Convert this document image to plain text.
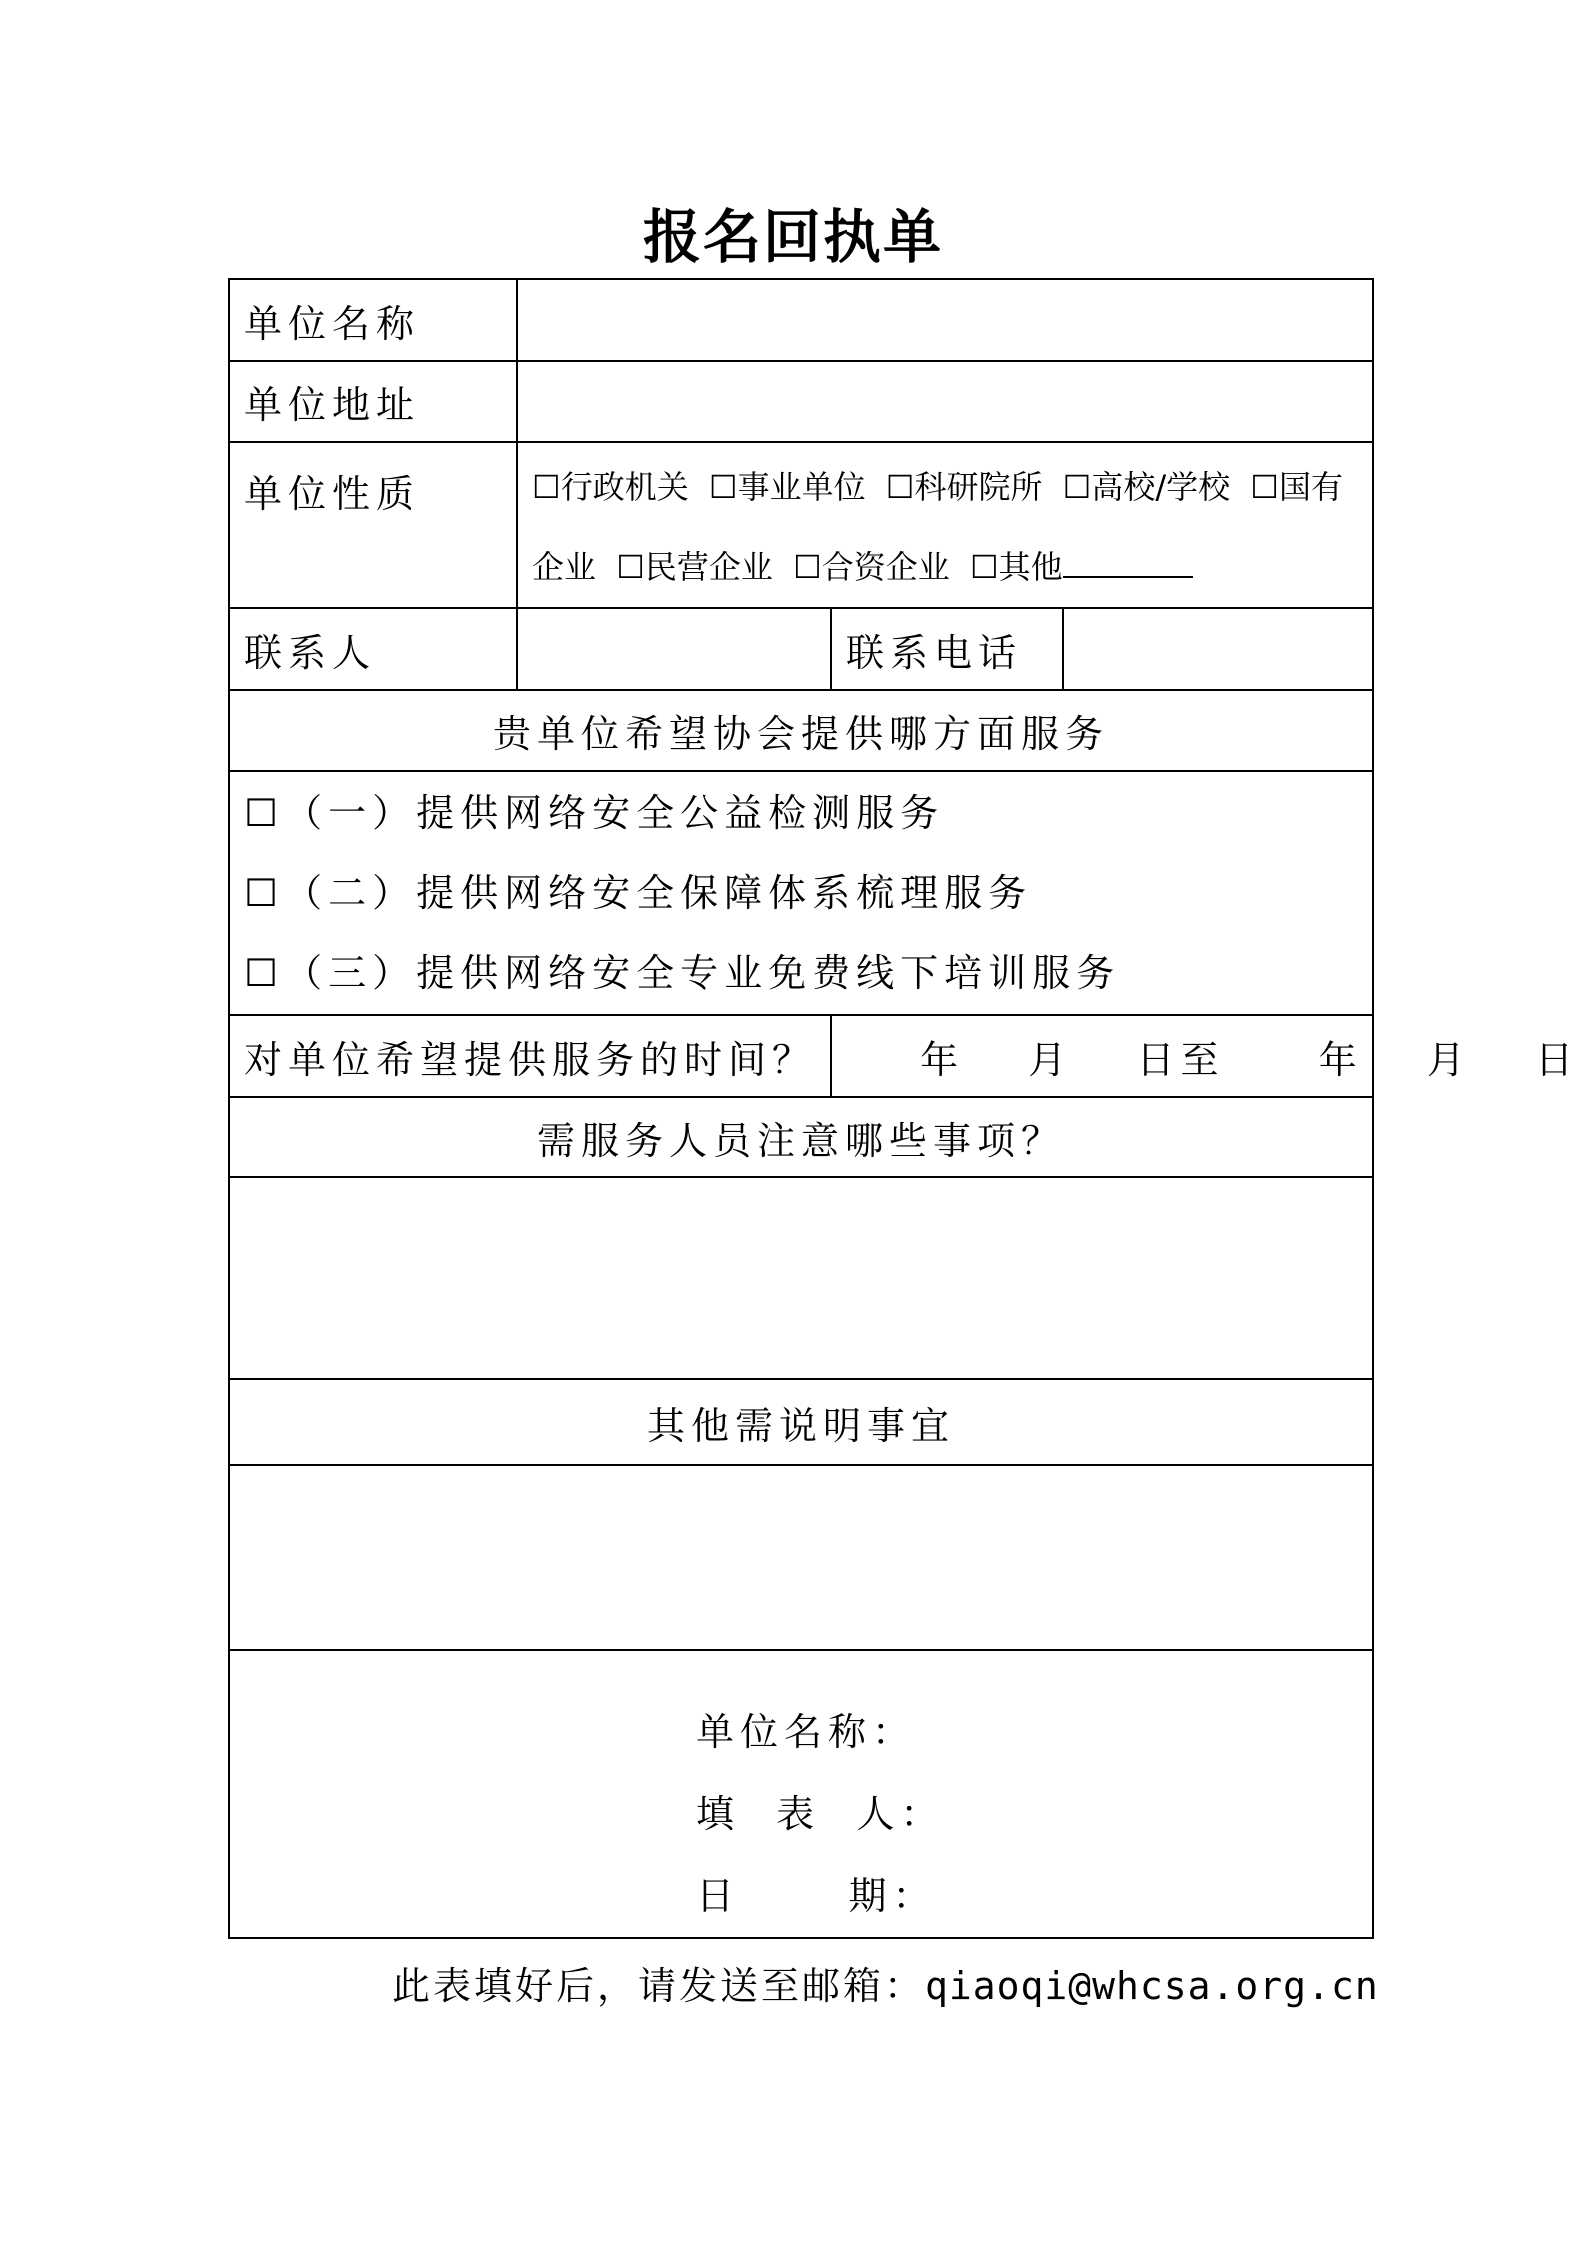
报名回执单
单位名称			
单位地址			
单位性质	☐行政机关 ☐事业单位 ☐科研院所 ☐高校/学校 ☐国有
企业 ☐民营企业 ☐合资企业 ☐其他		

联系人		联系电话	
贵单位希望协会提供哪方面服务			

☐（一）提供网络安全公益检测服务
☐（二）提供网络安全保障体系梳理服务
☐（三）提供网络安全专业免费线下培训服务			

对单位希望提供服务的时间？		年 月 日至 年 月 日	
需服务人员注意哪些事项？			

其他需说明事宜			

单位名称：
填  表  人：
日      期：			
此表填好后，请发送至邮箱：qiaoqi@whcsa.org.cn
